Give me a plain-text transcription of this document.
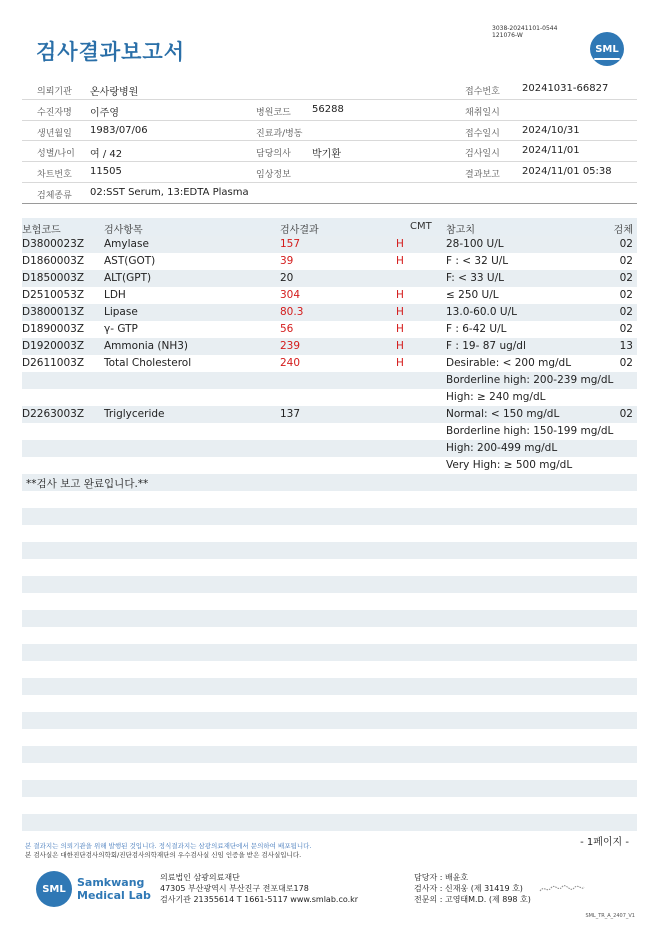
3038-20241101-0544
121076-W
검사결과보고서	SML
의뢰기관 온사랑병원	접수번호 20241031-66827
수진자명 이주영	병원코드 56288	채취일시
생년월일 1983/07/06	진료과/병동	접수일시 2024/10/31
성별/나이 여 / 42	담당의사 박기환	검사일시 2024/11/01
차트번호 11505	임상정보	결과보고 2024/11/01 05:38
검체종류 02:SST Serum, 13:EDTA Plasma
보험코드	검사항목	검사결과	CMT 참고치	검체
D3800023Z Amylase	157	H	28-100 U/L	02
D1860003Z AST(GOT)	39	H	F : < 32 U/L	02
D1850003Z ALT(GPT)	20	F: < 33 U/L	02
D2510053Z LDH	304	H	≤ 250 U/L	02
D3800013Z Lipase	80.3	H	13.0-60.0 U/L	02
D1890003Z γ- GTP	56	H	F : 6-42 U/L	02
D1920003Z Ammonia (NH3)	239	H	F : 19- 87 ug/dl	13
D2611003Z Total Cholesterol	240	H	Desirable: < 200 mg/dL	02
Borderline high: 200-239 mg/dL
High: ≥ 240 mg/dL
D2263003Z Triglyceride	137	Normal: < 150 mg/dL	02
Borderline high: 150-199 mg/dL
High: 200-499 mg/dL
Very High: ≥ 500 mg/dL
**검사 보고 완료입니다.**
- 1페이지 -
본 결과지는 의뢰기관을 위해 발행된 것입니다. 정식결과지는 삼광의료재단에서 문의하여 배포됩니다.
본 검사실은 대한진단검사의학회/진단검사의학재단의 우수검사실 신임 인증을 받은 검사실입니다.
SML	Samkwang
Medical Lab
의료법인 삼광의료재단
47305 부산광역시 부산진구 전포대로178
검사기관 21355614 T 1661-5117 www.smlab.co.kr
담당자 : 배윤호
검사자 : 신재웅 (제 31419 호)
전문의 : 고영태M.D. (제 898 호)
SML_TR_A_2407_V1
